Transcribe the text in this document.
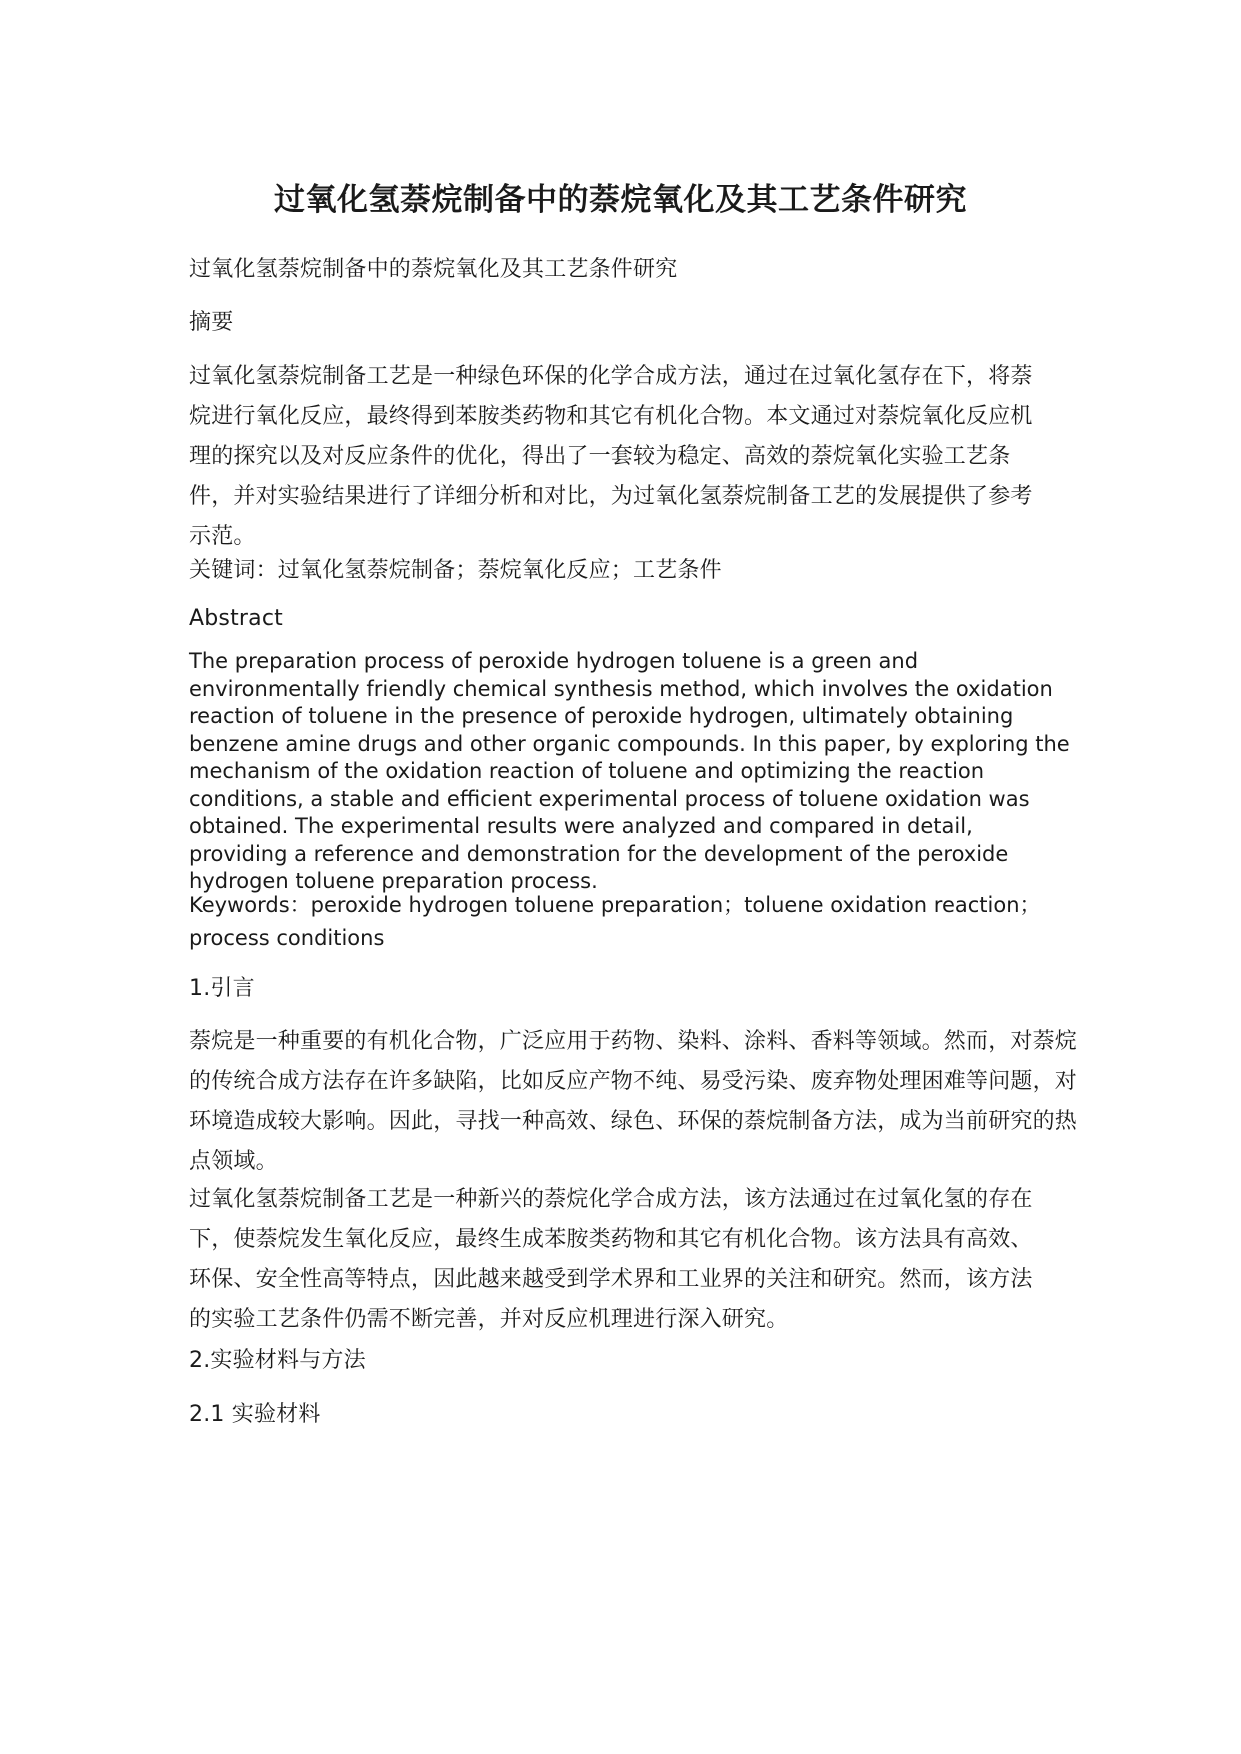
过氧化氢萘烷制备中的萘烷氧化及其工艺条件研究

过氧化氢萘烷制备中的萘烷氧化及其工艺条件研究

摘要

过氧化氢萘烷制备工艺是一种绿色环保的化学合成方法，通过在过氧化氢存在下，将萘烷进行氧化反应，最终得到苯胺类药物和其它有机化合物。本文通过对萘烷氧化反应机理的探究以及对反应条件的优化，得出了一套较为稳定、高效的萘烷氧化实验工艺条件，并对实验结果进行了详细分析和对比，为过氧化氢萘烷制备工艺的发展提供了参考示范。

关键词：过氧化氢萘烷制备；萘烷氧化反应；工艺条件

Abstract

The preparation process of peroxide hydrogen toluene is a green and environmentally friendly chemical synthesis method, which involves the oxidation reaction of toluene in the presence of peroxide hydrogen, ultimately obtaining benzene amine drugs and other organic compounds. In this paper, by exploring the mechanism of the oxidation reaction of toluene and optimizing the reaction conditions, a stable and efficient experimental process of toluene oxidation was obtained. The experimental results were analyzed and compared in detail, providing a reference and demonstration for the development of the peroxide hydrogen toluene preparation process.

Keywords：peroxide hydrogen toluene preparation；toluene oxidation reaction；process conditions

1.引言

萘烷是一种重要的有机化合物，广泛应用于药物、染料、涂料、香料等领域。然而，对萘烷的传统合成方法存在许多缺陷，比如反应产物不纯、易受污染、废弃物处理困难等问题，对环境造成较大影响。因此，寻找一种高效、绿色、环保的萘烷制备方法，成为当前研究的热点领域。

过氧化氢萘烷制备工艺是一种新兴的萘烷化学合成方法，该方法通过在过氧化氢的存在下，使萘烷发生氧化反应，最终生成苯胺类药物和其它有机化合物。该方法具有高效、环保、安全性高等特点，因此越来越受到学术界和工业界的关注和研究。然而，该方法的实验工艺条件仍需不断完善，并对反应机理进行深入研究。

2.实验材料与方法

2.1 实验材料
